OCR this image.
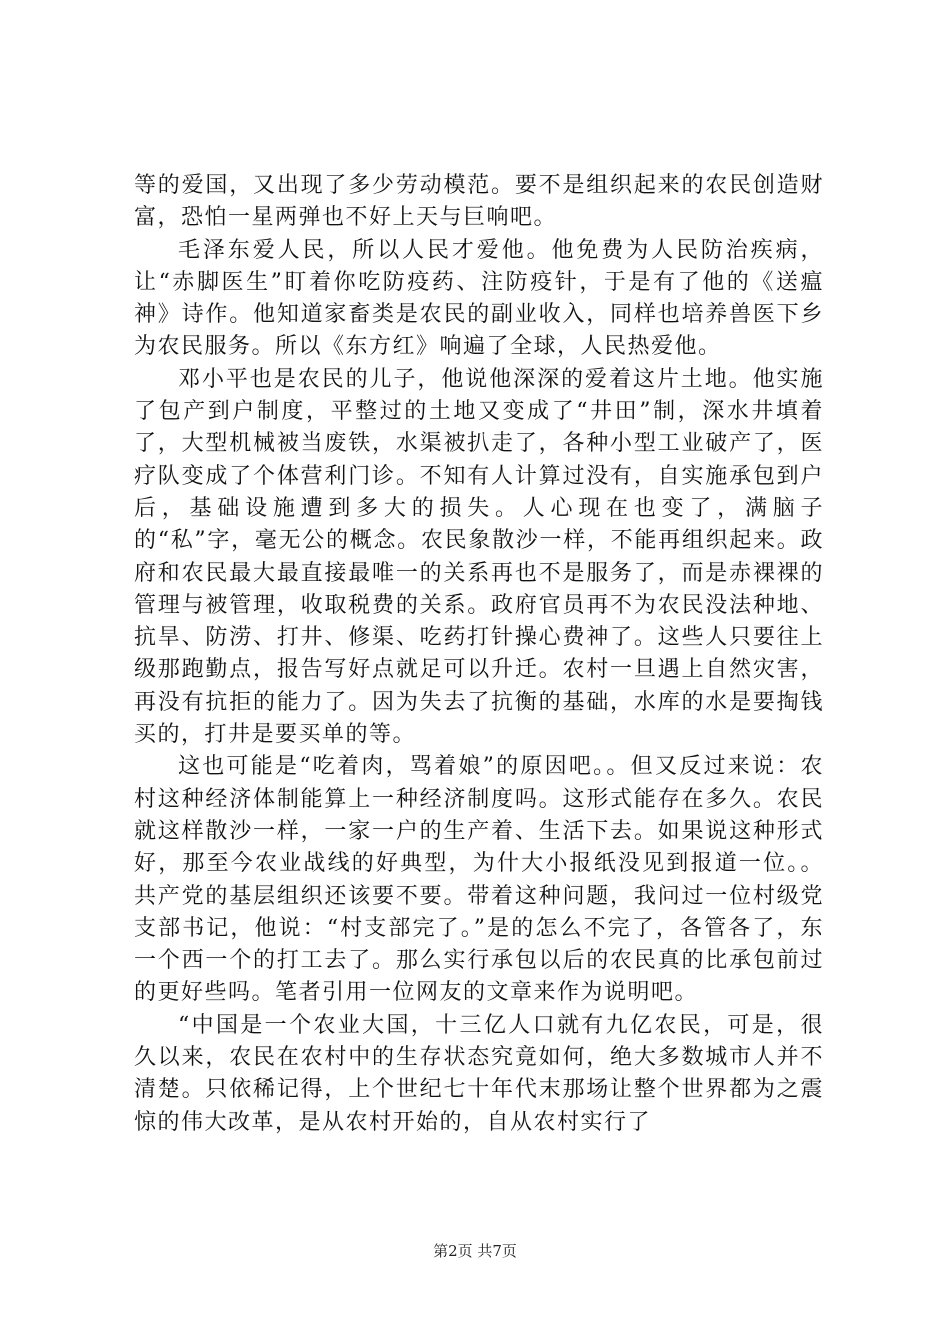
等的爱国，又出现了多少劳动模范。要不是组织起来的农民创造财富，恐怕一星两弹也不好上天与巨响吧。

毛泽东爱人民，所以人民才爱他。他免费为人民防治疾病，让“赤脚医生”盯着你吃防疫药、注防疫针，于是有了他的《送瘟神》诗作。他知道家畜类是农民的副业收入，同样也培养兽医下乡为农民服务。所以《东方红》响遍了全球，人民热爱他。

邓小平也是农民的儿子，他说他深深的爱着这片土地。他实施了包产到户制度，平整过的土地又变成了“井田”制，深水井填着了，大型机械被当废铁，水渠被扒走了，各种小型工业破产了，医疗队变成了个体营利门诊。不知有人计算过没有，自实施承包到户后，基础设施遭到多大的损失。人心现在也变了，满脑子的“私”字，毫无公的概念。农民象散沙一样，不能再组织起来。政府和农民最大最直接最唯一的关系再也不是服务了，而是赤裸裸的管理与被管理，收取税费的关系。政府官员再不为农民没法种地、抗旱、防涝、打井、修渠、吃药打针操心费神了。这些人只要往上级那跑勤点，报告写好点就足可以升迁。农村一旦遇上自然灾害，再没有抗拒的能力了。因为失去了抗衡的基础，水库的水是要掏钱买的，打井是要买单的等。

这也可能是“吃着肉，骂着娘”的原因吧。。但又反过来说：农村这种经济体制能算上一种经济制度吗。这形式能存在多久。农民就这样散沙一样，一家一户的生产着、生活下去。如果说这种形式好，那至今农业战线的好典型，为什大小报纸没见到报道一位。。共产党的基层组织还该要不要。带着这种问题，我问过一位村级党支部书记，他说：“村支部完了。”是的怎么不完了，各管各了，东一个西一个的打工去了。那么实行承包以后的农民真的比承包前过的更好些吗。笔者引用一位网友的文章来作为说明吧。

“中国是一个农业大国，十三亿人口就有九亿农民，可是，很久以来，农民在农村中的生存状态究竟如何，绝大多数城市人并不清楚。只依稀记得，上个世纪七十年代末那场让整个世界都为之震惊的伟大改革，是从农村开始的，自从农村实行了

第2页 共7页
